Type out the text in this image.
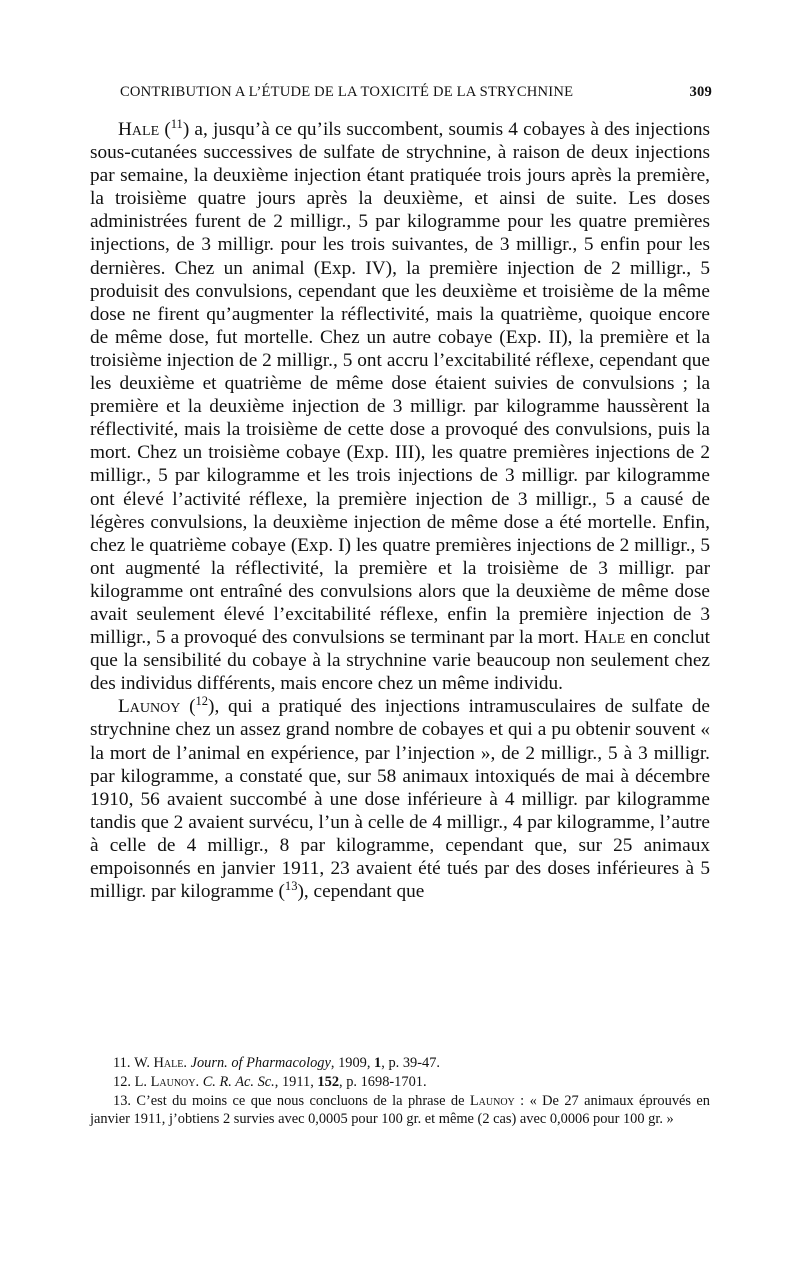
CONTRIBUTION A L’ÉTUDE DE LA TOXICITÉ DE LA STRYCHNINE	309

Hale ($^{11}$) a, jusqu’à ce qu’ils succombent, soumis 4 cobayes à des injections sous-cutanées successives de sulfate de strychnine, à raison de deux injections par semaine, la deuxième injection étant pratiquée trois jours après la première, la troisième quatre jours après la deuxième, et ainsi de suite. Les doses administrées furent de 2 milligr., 5 par kilogramme pour les quatre premières injections, de 3 milligr. pour les trois suivantes, de 3 milligr., 5 enfin pour les dernières. Chez un animal (Exp. IV), la première injection de 2 milligr., 5 produisit des convulsions, cependant que les deuxième et troisième de la même dose ne firent qu’augmenter la réflectivité, mais la quatrième, quoique encore de même dose, fut mortelle. Chez un autre cobaye (Exp. II), la première et la troisième injection de 2 milligr., 5 ont accru l’excitabilité réflexe, cependant que les deuxième et quatrième de même dose étaient suivies de convulsions ; la première et la deuxième injection de 3 milligr. par kilogramme haussèrent la réflectivité, mais la troisième de cette dose a provoqué des convulsions, puis la mort. Chez un troisième cobaye (Exp. III), les quatre premières injections de 2 milligr., 5 par kilogramme et les trois injections de 3 milligr. par kilogramme ont élevé l’activité réflexe, la première injection de 3 milligr., 5 a causé de légères convulsions, la deuxième injection de même dose a été mortelle. Enfin, chez le quatrième cobaye (Exp. I) les quatre premières injections de 2 milligr., 5 ont augmenté la réflectivité, la première et la troisième de 3 milligr. par kilogramme ont entraîné des convulsions alors que la deuxième de même dose avait seulement élevé l’excitabilité réflexe, enfin la première injection de 3 milligr., 5 a provoqué des convulsions se terminant par la mort. Hale en conclut que la sensibilité du cobaye à la strychnine varie beaucoup non seulement chez des individus différents, mais encore chez un même individu.

Launoy ($^{12}$), qui a pratiqué des injections intramusculaires de sulfate de strychnine chez un assez grand nombre de cobayes et qui a pu obtenir souvent « la mort de l’animal en expérience, par l’injection », de 2 milligr., 5 à 3 milligr. par kilogramme, a constaté que, sur 58 animaux intoxiqués de mai à décembre 1910, 56 avaient succombé à une dose inférieure à 4 milligr. par kilogramme tandis que 2 avaient survécu, l’un à celle de 4 milligr., 4 par kilogramme, l’autre à celle de 4 milligr., 8 par kilogramme, cependant que, sur 25 animaux empoisonnés en janvier 1911, 23 avaient été tués par des doses inférieures à 5 milligr. par kilogramme ($^{13}$), cependant que

11. W. Hale. Journ. of Pharmacology, 1909, 1, p. 39-47.

12. L. Launoy. C. R. Ac. Sc., 1911, 152, p. 1698-1701.

13. C’est du moins ce que nous concluons de la phrase de Launoy : « De 27 animaux éprouvés en janvier 1911, j’obtiens 2 survies avec 0,0005 pour 100 gr. et même (2 cas) avec 0,0006 pour 100 gr. »
